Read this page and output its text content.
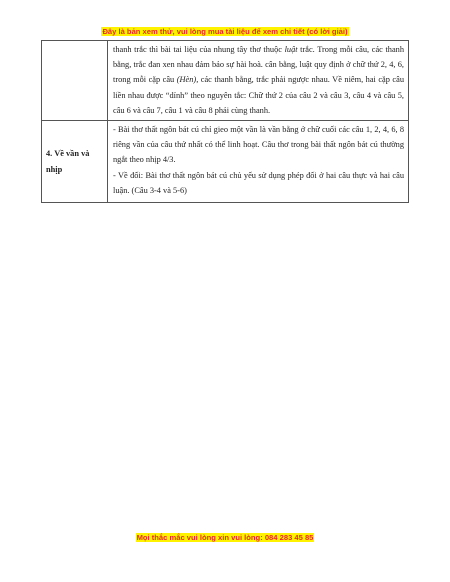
Đây là bản xem thử, vui lòng mua tài liệu để xem chi tiết (có lời giải)

	thanh trắc thì bài tai liệu của nhung tây thơ thuộc luật trắc. Trong mỗi câu, các thanh bằng, trắc đan xen nhau đảm bảo sự hài hoà. cân bằng, luật quy định ở chữ thứ 2, 4, 6, trong mỗi cặp câu (Hèn), các thanh bằng, trắc phải ngược nhau. Về niêm, hai cặp câu liền nhau được “dính” theo nguyên tắc: Chữ thứ 2 của câu 2 và câu 3, câu 4 và câu 5, câu 6 và câu 7, câu 1 và câu 8 phải cùng thanh.

4. Về vần và nhịp	- Bài thơ thất ngôn bát cú chỉ gieo một vần là vần bằng ở chữ cuối các câu 1, 2, 4, 6, 8 riêng vần của câu thứ nhất có thể linh hoạt. Câu thơ trong bài thất ngôn bát cú thường ngắt theo nhịp 4/3.

- Về đối: Bài thơ thất ngôn bát cú chủ yếu sử dụng phép đối ở hai câu thực và hai câu luận. (Câu 3-4 và 5-6)

Mọi thắc mắc vui lòng xin vui lòng: 084 283 45 85
